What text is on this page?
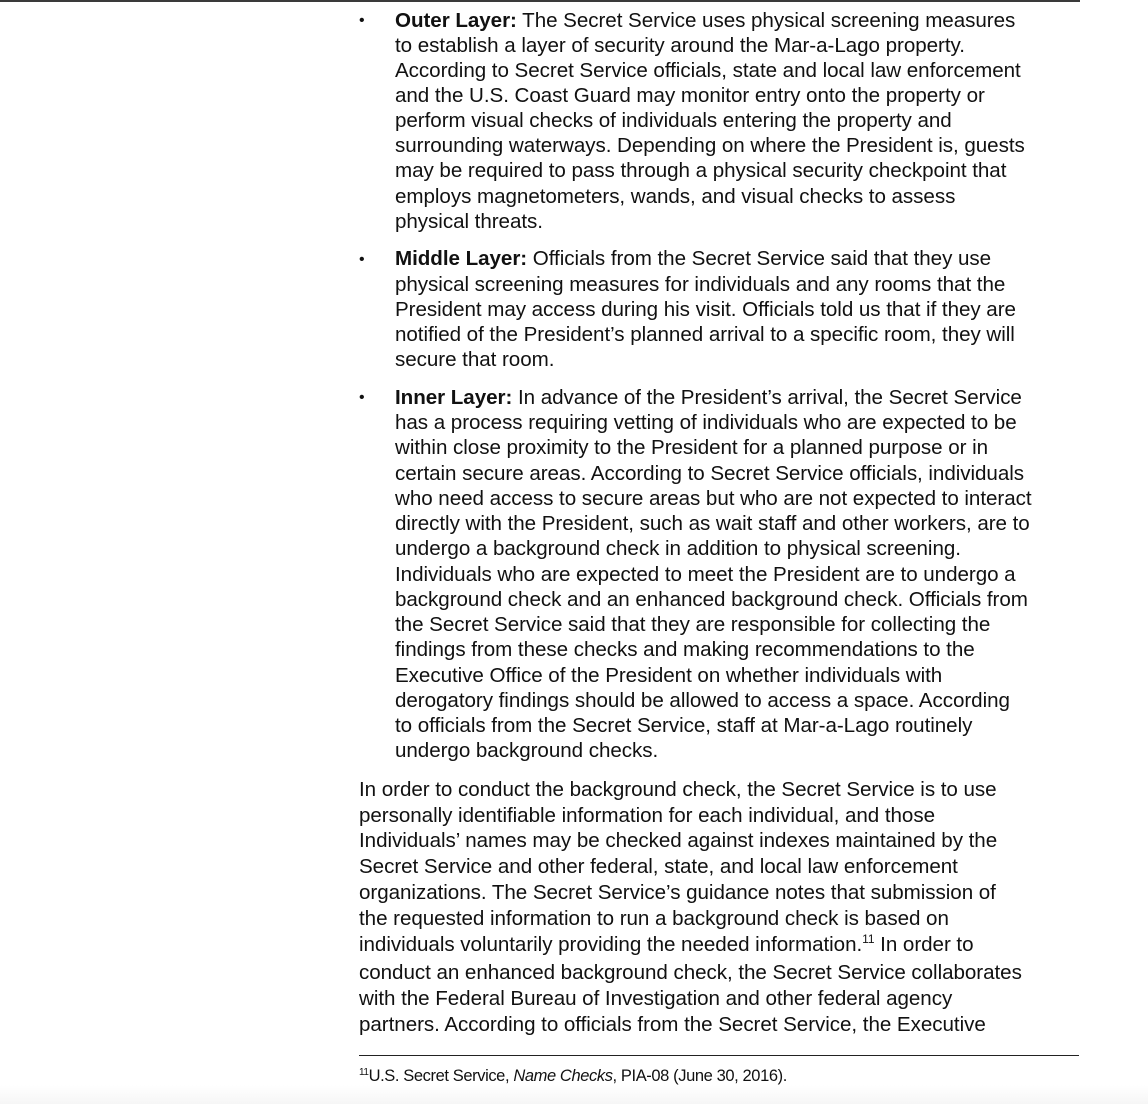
• Outer Layer: The Secret Service uses physical screening measures
to establish a layer of security around the Mar-a-Lago property.
According to Secret Service officials, state and local law enforcement
and the U.S. Coast Guard may monitor entry onto the property or
perform visual checks of individuals entering the property and
surrounding waterways. Depending on where the President is, guests
may be required to pass through a physical security checkpoint that
employs magnetometers, wands, and visual checks to assess
physical threats.
• Middle Layer: Officials from the Secret Service said that they use
physical screening measures for individuals and any rooms that the
President may access during his visit. Officials told us that if they are
notified of the President’s planned arrival to a specific room, they will
secure that room.
• Inner Layer: In advance of the President’s arrival, the Secret Service
has a process requiring vetting of individuals who are expected to be
within close proximity to the President for a planned purpose or in
certain secure areas. According to Secret Service officials, individuals
who need access to secure areas but who are not expected to interact
directly with the President, such as wait staff and other workers, are to
undergo a background check in addition to physical screening.
Individuals who are expected to meet the President are to undergo a
background check and an enhanced background check. Officials from
the Secret Service said that they are responsible for collecting the
findings from these checks and making recommendations to the
Executive Office of the President on whether individuals with
derogatory findings should be allowed to access a space. According
to officials from the Secret Service, staff at Mar-a-Lago routinely
undergo background checks.
In order to conduct the background check, the Secret Service is to use
personally identifiable information for each individual, and those
Individuals’ names may be checked against indexes maintained by the
Secret Service and other federal, state, and local law enforcement
organizations. The Secret Service’s guidance notes that submission of
the requested information to run a background check is based on
individuals voluntarily providing the needed information.$^{11}$ In order to
conduct an enhanced background check, the Secret Service collaborates
with the Federal Bureau of Investigation and other federal agency
partners. According to officials from the Secret Service, the Executive
$^{11}$U.S. Secret Service, Name Checks, PIA-08 (June 30, 2016).
